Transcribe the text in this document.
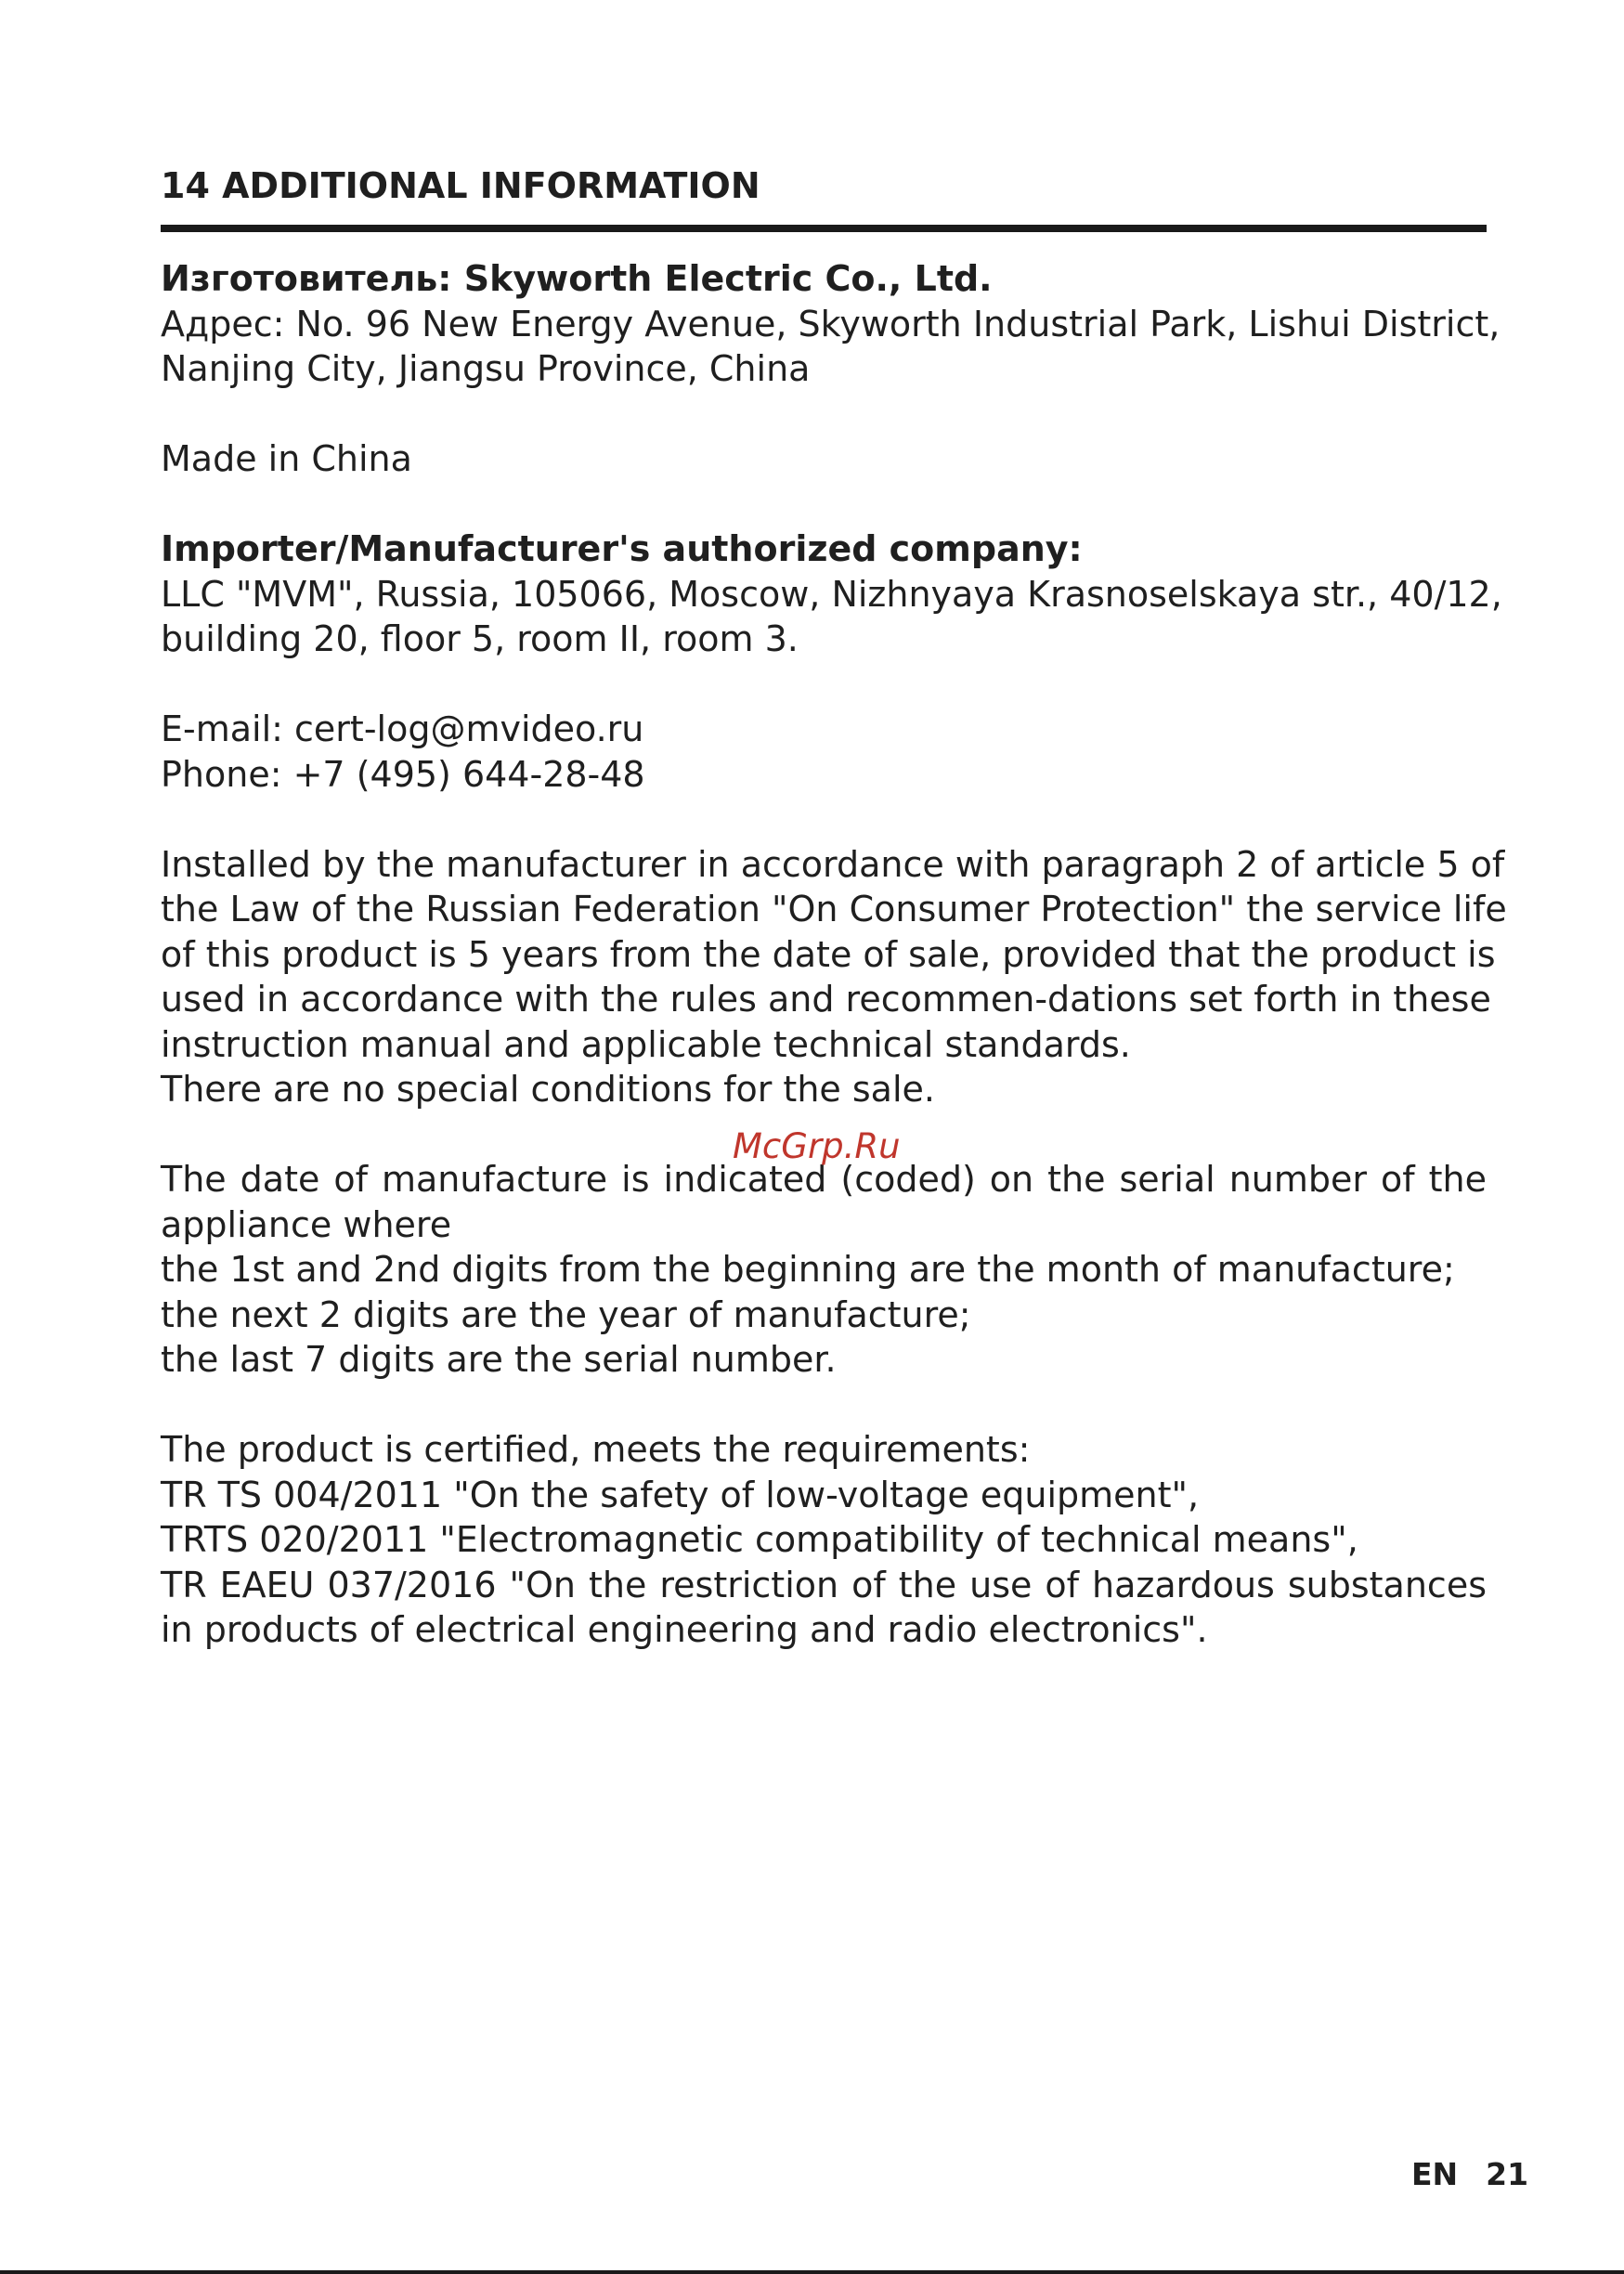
14 ADDITIONAL INFORMATION
Изготовитель: Skyworth Electric Co., Ltd.
Адрес: No. 96 New Energy Avenue, Skyworth Industrial Park, Lishui District,
Nanjing City, Jiangsu Province, China
Made in China
Importer/Manufacturer's authorized company:
LLC "MVM", Russia, 105066, Moscow, Nizhnyaya Krasnoselskaya str., 40/12,
building 20, floor 5, room II, room 3.
E-mail: cert-log@mvideo.ru
Phone: +7 (495) 644-28-48
Installed by the manufacturer in accordance with paragraph 2 of article 5 of
the Law of the Russian Federation "On Consumer Protection" the service life
of this product is 5 years from the date of sale, provided that the product is
used in accordance with the rules and recommen-dations set forth in these
instruction manual and applicable technical standards.
There are no special conditions for the sale.
The date of manufacture is indicated (coded) on the serial number of the
appliance where
the 1st and 2nd digits from the beginning are the month of manufacture;
the next 2 digits are the year of manufacture;
the last 7 digits are the serial number.
The product is certified, meets the requirements:
TR TS 004/2011 "On the safety of low-voltage equipment",
TRTS 020/2011 "Electromagnetic compatibility of technical means",
TR EAEU 037/2016 "On the restriction of the use of hazardous substances
in products of electrical engineering and radio electronics".
McGrp.Ru
EN 21
